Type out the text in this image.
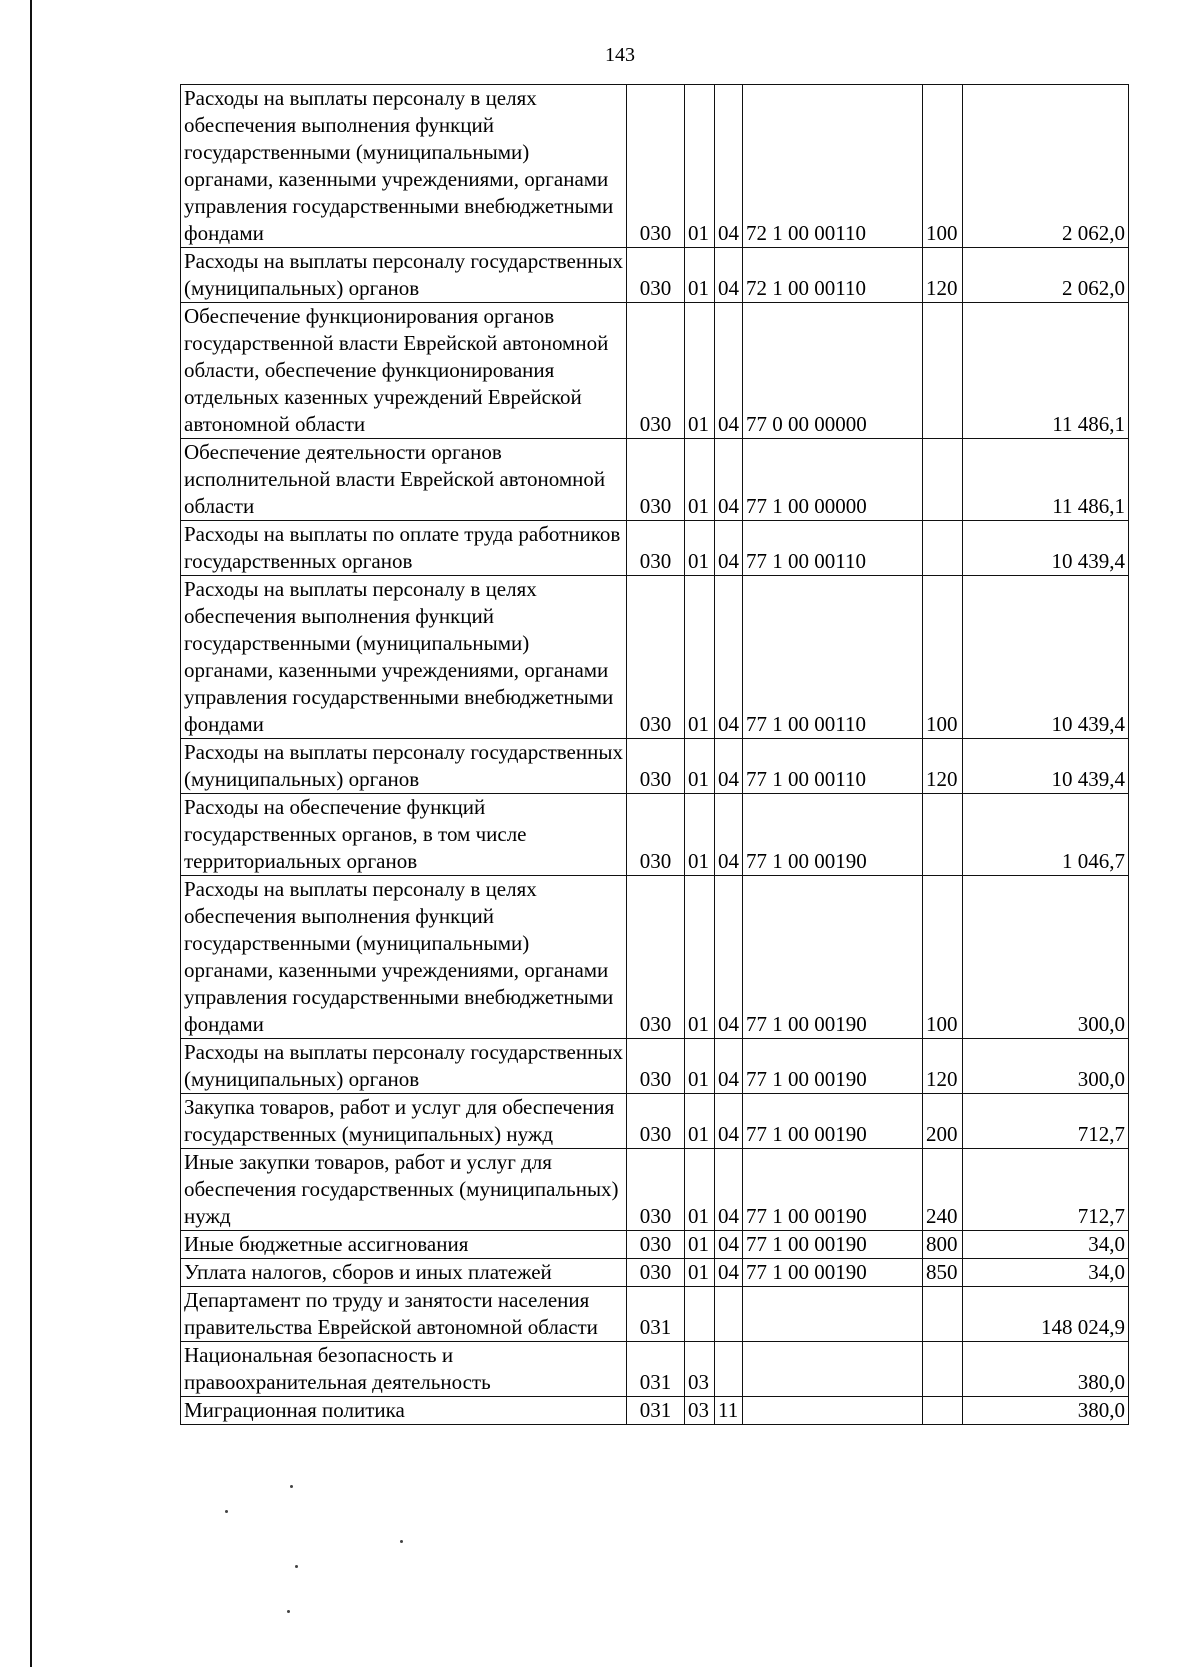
143
Расходы на выплаты персоналу в целях обеспечения выполнения функций государственными (муниципальными) органами, казенными учреждениями, органами управления государственными внебюджетными фондами	030	01	04	72 1 00 00110	100	2 062,0
Расходы на выплаты персоналу государственных (муниципальных) органов	030	01	04	72 1 00 00110	120	2 062,0
Обеспечение функционирования органов государственной власти Еврейской автономной области, обеспечение функционирования отдельных казенных учреждений Еврейской автономной области	030	01	04	77 0 00 00000		11 486,1
Обеспечение деятельности органов исполнительной власти Еврейской автономной области	030	01	04	77 1 00 00000		11 486,1
Расходы на выплаты по оплате труда работников государственных органов	030	01	04	77 1 00 00110		10 439,4
Расходы на выплаты персоналу в целях обеспечения выполнения функций государственными (муниципальными) органами, казенными учреждениями, органами управления государственными внебюджетными фондами	030	01	04	77 1 00 00110	100	10 439,4
Расходы на выплаты персоналу государственных (муниципальных) органов	030	01	04	77 1 00 00110	120	10 439,4
Расходы на обеспечение функций государственных органов, в том числе территориальных органов	030	01	04	77 1 00 00190		1 046,7
Расходы на выплаты персоналу в целях обеспечения выполнения функций государственными (муниципальными) органами, казенными учреждениями, органами управления государственными внебюджетными фондами	030	01	04	77 1 00 00190	100	300,0
Расходы на выплаты персоналу государственных (муниципальных) органов	030	01	04	77 1 00 00190	120	300,0
Закупка товаров, работ и услуг для обеспечения государственных (муниципальных) нужд	030	01	04	77 1 00 00190	200	712,7
Иные закупки товаров, работ и услуг для обеспечения государственных (муниципальных) нужд	030	01	04	77 1 00 00190	240	712,7
Иные бюджетные ассигнования	030	01	04	77 1 00 00190	800	34,0
Уплата налогов, сборов и иных платежей	030	01	04	77 1 00 00190	850	34,0
Департамент по труду и занятости населения правительства Еврейской автономной области	031					148 024,9
Национальная безопасность и правоохранительная деятельность	031	03				380,0
Миграционная политика	031	03	11			380,0
